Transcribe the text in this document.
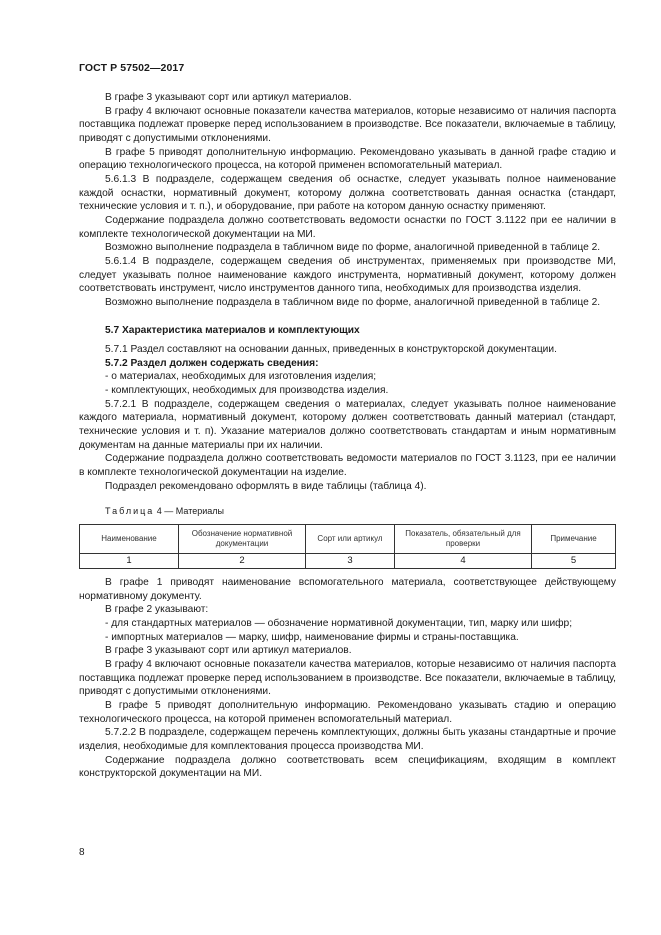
ГОСТ Р 57502—2017

В графе 3 указывают сорт или артикул материалов.

В графу 4 включают основные показатели качества материалов, которые независимо от наличия паспорта поставщика подлежат проверке перед использованием в производстве. Все показатели, включаемые в таблицу, приводят с допустимыми отклонениями.

В графе 5 приводят дополнительную информацию. Рекомендовано указывать в данной графе стадию и операцию технологического процесса, на которой применен вспомогательный материал.

5.6.1.3 В подразделе, содержащем сведения об оснастке, следует указывать полное наименование каждой оснастки, нормативный документ, которому должна соответствовать данная оснастка (стандарт, технические условия и т. п.), и оборудование, при работе на котором данную оснастку применяют.

Содержание подраздела должно соответствовать ведомости оснастки по ГОСТ 3.1122 при ее наличии в комплекте технологической документации на МИ.

Возможно выполнение подраздела в табличном виде по форме, аналогичной приведенной в таблице 2.

5.6.1.4 В подразделе, содержащем сведения об инструментах, применяемых при производстве МИ, следует указывать полное наименование каждого инструмента, нормативный документ, которому должен соответствовать инструмент, число инструментов данного типа, необходимых для производства изделия.

Возможно выполнение подраздела в табличном виде по форме, аналогичной приведенной в таблице 2.

5.7 Характеристика материалов и комплектующих

5.7.1 Раздел составляют на основании данных, приведенных в конструкторской документации.

5.7.2 Раздел должен содержать сведения:

- о материалах, необходимых для изготовления изделия;

- комплектующих, необходимых для производства изделия.

5.7.2.1 В подразделе, содержащем сведения о материалах, следует указывать полное наименование каждого материала, нормативный документ, которому должен соответствовать данный материал (стандарт, технические условия и т. п). Указание материалов должно соответствовать стандартам и иным нормативным документам на данные материалы при их наличии.

Содержание подраздела должно соответствовать ведомости материалов по ГОСТ 3.1123, при ее наличии в комплекте технологической документации на изделие.

Подраздел рекомендовано оформлять в виде таблицы (таблица 4).

Таблица 4 — Материалы

Наименование	Обозначение нормативной документации	Сорт или артикул	Показатель, обязательный для проверки	Примечание
1	2	3	4	5

В графе 1 приводят наименование вспомогательного материала, соответствующее действующему нормативному документу.

В графе 2 указывают:

- для стандартных материалов — обозначение нормативной документации, тип, марку или шифр;

- импортных материалов — марку, шифр, наименование фирмы и страны-поставщика.

В графе 3 указывают сорт или артикул материалов.

В графу 4 включают основные показатели качества материалов, которые независимо от наличия паспорта поставщика подлежат проверке перед использованием в производстве. Все показатели, включаемые в таблицу, приводят с допустимыми отклонениями.

В графе 5 приводят дополнительную информацию. Рекомендовано указывать стадию и операцию технологического процесса, на которой применен вспомогательный материал.

5.7.2.2 В подразделе, содержащем перечень комплектующих, должны быть указаны стандартные и прочие изделия, необходимые для комплектования процесса производства МИ.

Содержание подраздела должно соответствовать всем спецификациям, входящим в комплект конструкторской документации на МИ.

8
